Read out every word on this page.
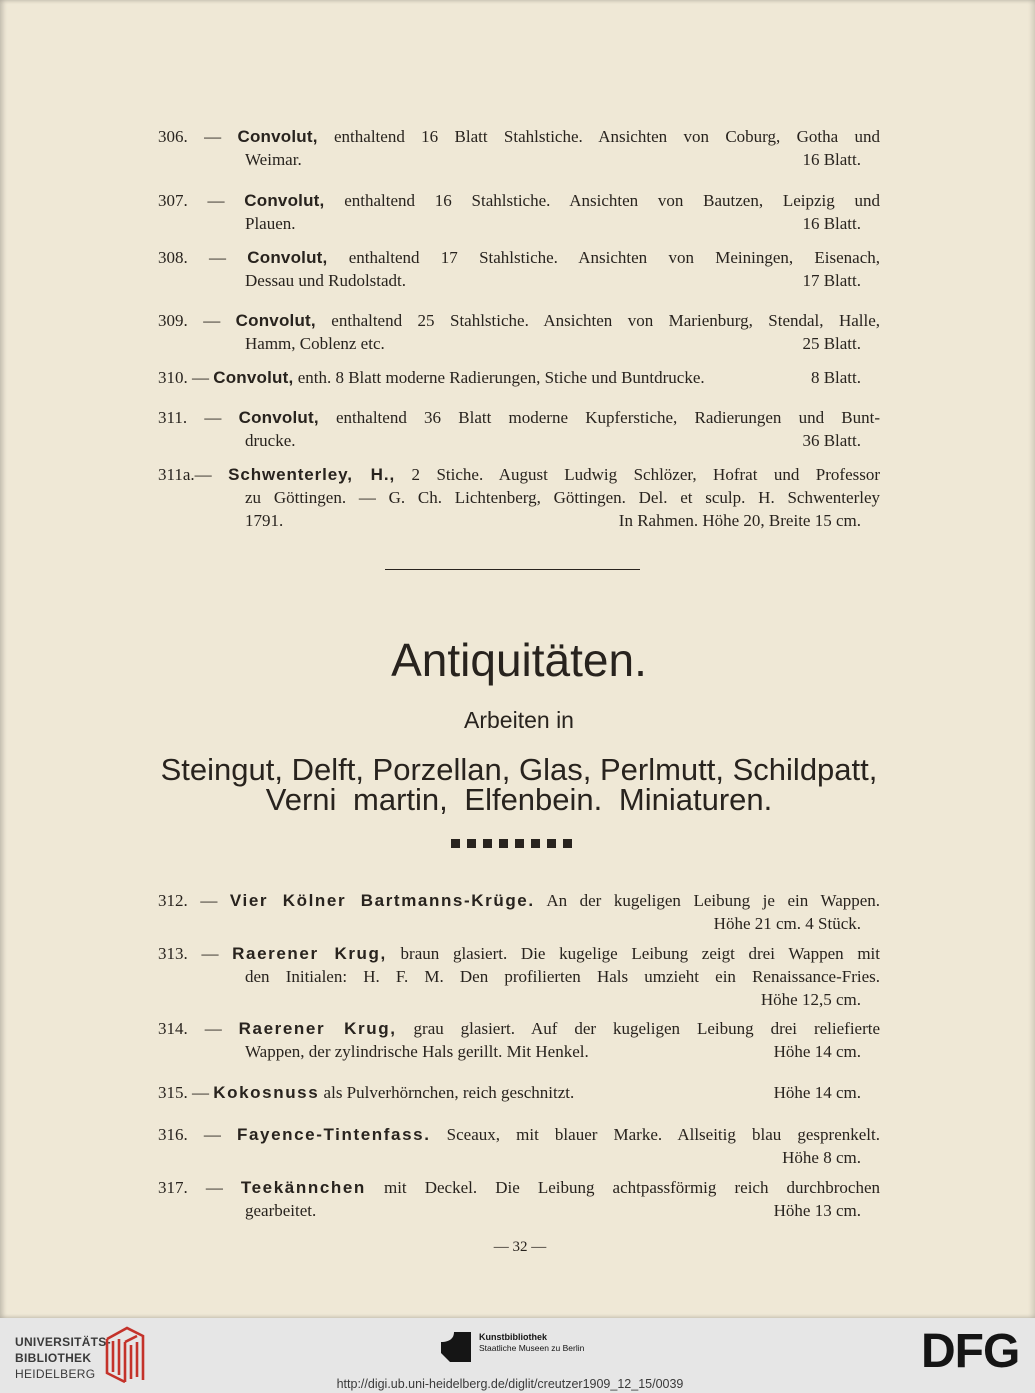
306. — Convolut, enthaltend 16 Blatt Stahlstiche. Ansichten von Coburg, Gotha und
Weimar.	16 Blatt.
307. — Convolut, enthaltend 16 Stahlstiche. Ansichten von Bautzen, Leipzig und
Plauen.	16 Blatt.
308. — Convolut, enthaltend 17 Stahlstiche. Ansichten von Meiningen, Eisenach,
Dessau und Rudolstadt.	17 Blatt.
309. — Convolut, enthaltend 25 Stahlstiche. Ansichten von Marienburg, Stendal, Halle,
Hamm, Coblenz etc.	25 Blatt.
310. — Convolut, enth. 8 Blatt moderne Radierungen, Stiche und Buntdrucke.	8 Blatt.
311. — Convolut, enthaltend 36 Blatt moderne Kupferstiche, Radierungen und Bunt-
drucke.	36 Blatt.
311a.— Schwenterley, H., 2 Stiche. August Ludwig Schlözer, Hofrat und Professor
zu Göttingen. — G. Ch. Lichtenberg, Göttingen. Del. et sculp. H. Schwenterley
1791.	In Rahmen. Höhe 20, Breite 15 cm.
Antiquitäten.
Arbeiten in
Steingut, Delft, Porzellan, Glas, Perlmutt, Schildpatt,
Verni martin, Elfenbein. Miniaturen.
312. — Vier Kölner Bartmanns-Krüge. An der kugeligen Leibung je ein Wappen.
Höhe 21 cm. 4 Stück.
313. — Raerener Krug, braun glasiert. Die kugelige Leibung zeigt drei Wappen mit
den Initialen: H. F. M. Den profilierten Hals umzieht ein Renaissance-Fries.
Höhe 12,5 cm.
314. — Raerener Krug, grau glasiert. Auf der kugeligen Leibung drei reliefierte
Wappen, der zylindrische Hals gerillt. Mit Henkel.	Höhe 14 cm.
315. — Kokosnuss als Pulverhörnchen, reich geschnitzt.	Höhe 14 cm.
316. — Fayence-Tintenfass. Sceaux, mit blauer Marke. Allseitig blau gesprenkelt.
Höhe 8 cm.
317. — Teekännchen mit Deckel. Die Leibung achtpassförmig reich durchbrochen
gearbeitet.	Höhe 13 cm.
— 32 —
UNIVERSITÄTS-
BIBLIOTHEK
HEIDELBERG
Kunstbibliothek
Staatliche Museen zu Berlin	DFG
http://digi.ub.uni-heidelberg.de/diglit/creutzer1909_12_15/0039
